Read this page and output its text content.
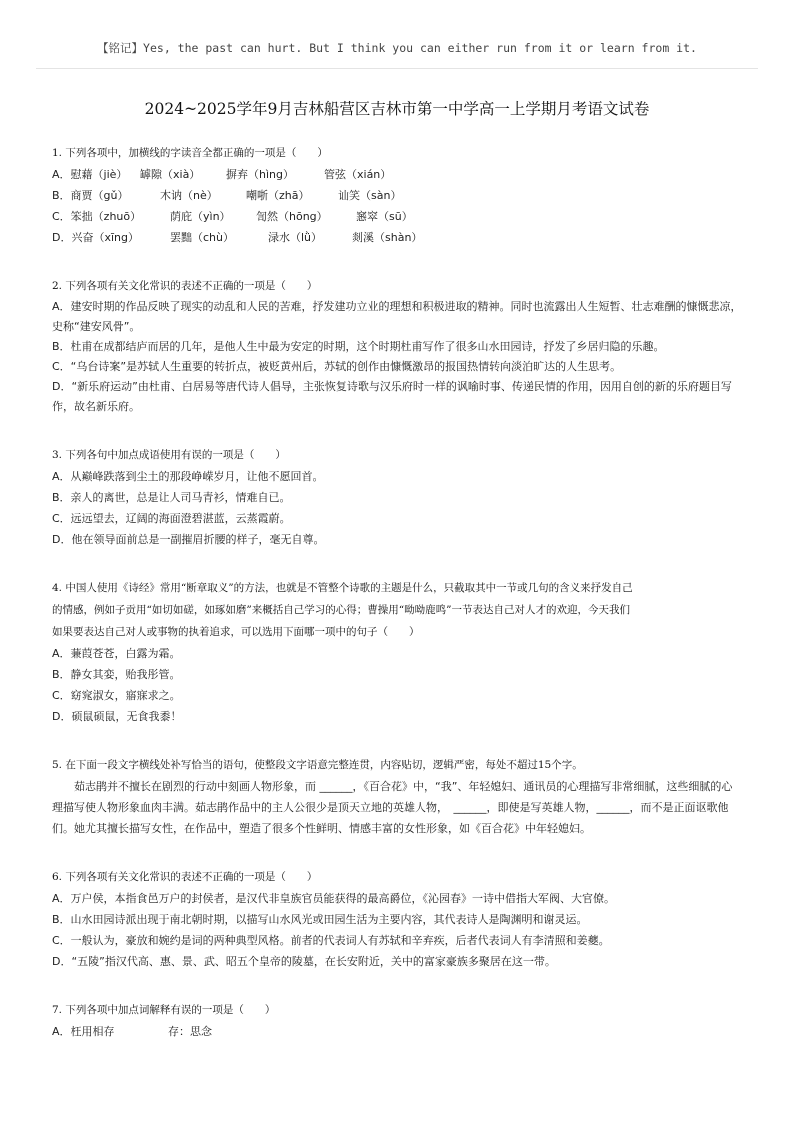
【铭记】Yes, the past can hurt. But I think you can either run from it or learn from it.
2024~2025学年9月吉林船营区吉林市第一中学高一上学期月考语文试卷
1. 下列各项中，加横线的字读音全都正确的一项是（　　）
A．慰藉（jiè）	罅隙（xià）	摒弃（hìng）	管弦（xián）
B．商贾（gǔ）	木讷（nè）	嘲哳（zhā）	讪笑（sàn）
C．笨拙（zhuō）	荫庇（yìn）	訇然（hōng）	窸窣（sū）
D．兴奋（xīng）	罢黜（chù）	渌水（lǜ）	剡溪（shàn）
2. 下列各项有关文化常识的表述不正确的一项是（　　）
A．建安时期的作品反映了现实的动乱和人民的苦难，抒发建功立业的理想和积极进取的精神。同时也流露出人生短暂、壮志难酬的慷慨悲凉，史称“建安风骨”。
B．杜甫在成都结庐而居的几年，是他人生中最为安定的时期，这个时期杜甫写作了很多山水田园诗，抒发了乡居归隐的乐趣。
C．“乌台诗案”是苏轼人生重要的转折点，被贬黄州后，苏轼的创作由慷慨激昂的报国热情转向淡泊旷达的人生思考。
D．“新乐府运动”由杜甫、白居易等唐代诗人倡导，主张恢复诗歌与汉乐府时一样的讽喻时事、传递民情的作用，因用自创的新的乐府题目写作，故名新乐府。
3. 下列各句中加点成语使用有误的一项是（　　）
A．从巅峰跌落到尘土的那段峥嵘岁月，让他不愿回首。
B．亲人的离世，总是让人司马青衫，情难自已。
C．远远望去，辽阔的海面澄碧湛蓝，云蒸霞蔚。
D．他在领导面前总是一副摧眉折腰的样子，毫无自尊。
4. 中国人使用《诗经》常用“断章取义”的方法，也就是不管整个诗歌的主题是什么，只截取其中一节或几句的含义来抒发自己
的情感，例如子贡用“如切如磋，如琢如磨”来概括自己学习的心得；曹操用“呦呦鹿鸣”一节表达自己对人才的欢迎，今天我们
如果要表达自己对人或事物的执着追求，可以选用下面哪一项中的句子（　　）
A．蒹葭苍苍，白露为霜。
B．静女其娈，贻我彤管。
C．窈窕淑女，寤寐求之。
D．硕鼠硕鼠，无食我黍！
5. 在下面一段文字横线处补写恰当的语句，使整段文字语意完整连贯，内容贴切，逻辑严密，每处不超过15个字。
茹志鹃并不擅长在剧烈的行动中刻画人物形象，而 ______，《百合花》中，“我”、年轻媳妇、通讯员的心理描写非常细腻，这些细腻的心理描写使人物形象血肉丰满。茹志鹃作品中的主人公很少是顶天立地的英雄人物，　______，即使是写英雄人物，______，而不是正面讴歌他们。她尤其擅长描写女性，在作品中，塑造了很多个性鲜明、情感丰富的女性形象，如《百合花》中年轻媳妇。
6. 下列各项有关文化常识的表述不正确的一项是（　　）
A．万户侯，本指食邑万户的封侯者，是汉代非皇族官员能获得的最高爵位，《沁园春》一诗中借指大军阀、大官僚。
B．山水田园诗派出现于南北朝时期，以描写山水风光或田园生活为主要内容，其代表诗人是陶渊明和谢灵运。
C．一般认为，豪放和婉约是词的两种典型风格。前者的代表词人有苏轼和辛弃疾，后者代表词人有李清照和姜夔。
D．“五陵”指汉代高、惠、景、武、昭五个皇帝的陵墓，在长安附近，关中的富家豪族多聚居在这一带。
7. 下列各项中加点词解释有误的一项是（　　）
A．枉用相存	存：思念
